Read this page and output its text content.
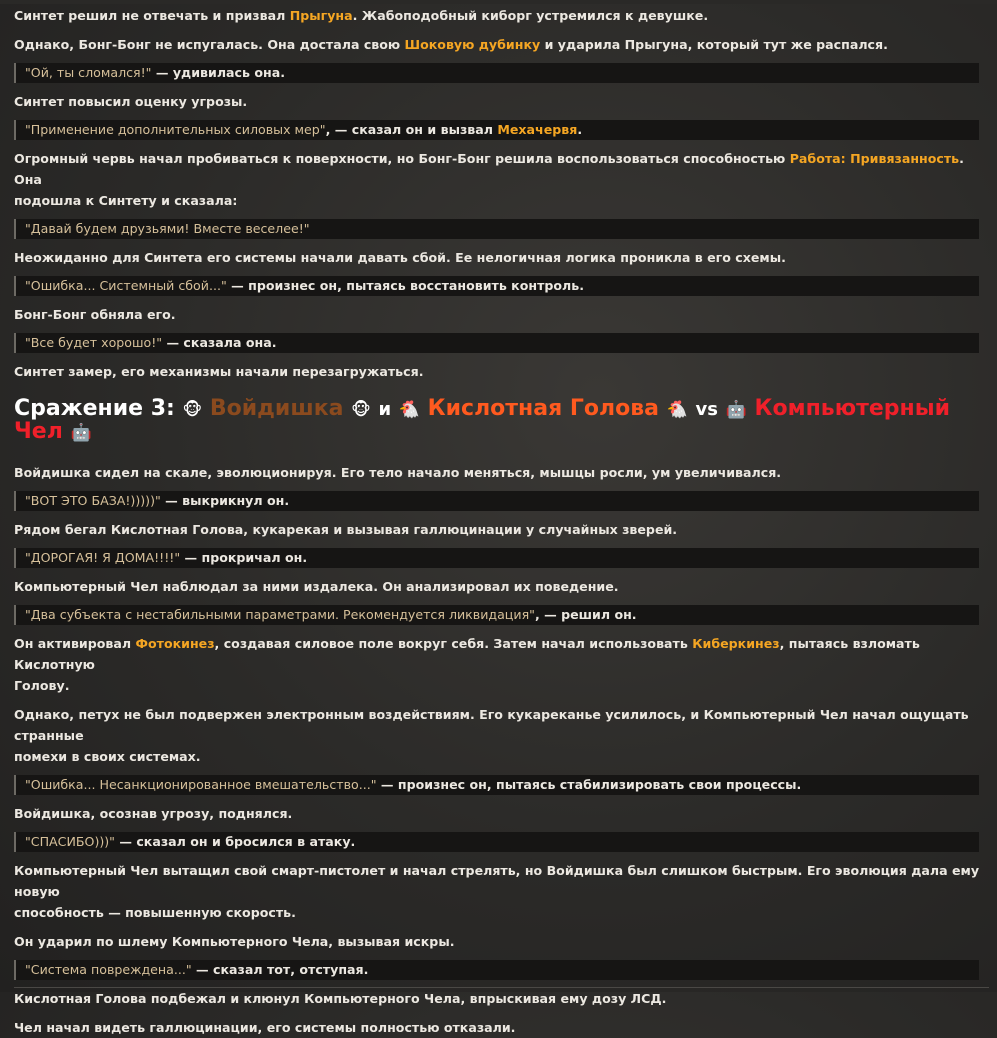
Синтет решил не отвечать и призвал Прыгуна. Жабоподобный киборг устремился к девушке.

Однако, Бонг-Бонг не испугалась. Она достала свою Шоковую дубинку и ударила Прыгуна, который тут же распался.

"Ой, ты сломался!" — удивилась она.

Синтет повысил оценку угрозы.

"Применение дополнительных силовых мер", — сказал он и вызвал Мехачервя.

Огромный червь начал пробиваться к поверхности, но Бонг-Бонг решила воспользоваться способностью Работа: Привязанность. Она
подошла к Синтету и сказала:

"Давай будем друзьями! Вместе веселее!"

Неожиданно для Синтета его системы начали давать сбой. Ее нелогичная логика проникла в его схемы.

"Ошибка... Системный сбой..." — произнес он, пытаясь восстановить контроль.

Бонг-Бонг обняла его.

"Все будет хорошо!" — сказала она.

Синтет замер, его механизмы начали перезагружаться.

Сражение 3: 🐵 Войдишка 🐵 и 🐔 Кислотная Голова 🐔 vs 🤖 Компьютерный
Чел 🤖

Войдишка сидел на скале, эволюционируя. Его тело начало меняться, мышцы росли, ум увеличивался.

"ВОТ ЭТО БАЗА!)))))" — выкрикнул он.

Рядом бегал Кислотная Голова, кукарекая и вызывая галлюцинации у случайных зверей.

"ДОРОГАЯ! Я ДОМА!!!!" — прокричал он.

Компьютерный Чел наблюдал за ними издалека. Он анализировал их поведение.

"Два субъекта с нестабильными параметрами. Рекомендуется ликвидация", — решил он.

Он активировал Фотокинез, создавая силовое поле вокруг себя. Затем начал использовать Киберкинез, пытаясь взломать Кислотную
Голову.

Однако, петух не был подвержен электронным воздействиям. Его кукареканье усилилось, и Компьютерный Чел начал ощущать странные
помехи в своих системах.

"Ошибка... Несанкционированное вмешательство..." — произнес он, пытаясь стабилизировать свои процессы.

Войдишка, осознав угрозу, поднялся.

"СПАСИБО)))" — сказал он и бросился в атаку.

Компьютерный Чел вытащил свой смарт-пистолет и начал стрелять, но Войдишка был слишком быстрым. Его эволюция дала ему новую
способность — повышенную скорость.

Он ударил по шлему Компьютерного Чела, вызывая искры.

"Система повреждена..." — сказал тот, отступая.

Кислотная Голова подбежал и клюнул Компьютерного Чела, впрыскивая ему дозу ЛСД.

Чел начал видеть галлюцинации, его системы полностью отказали.
